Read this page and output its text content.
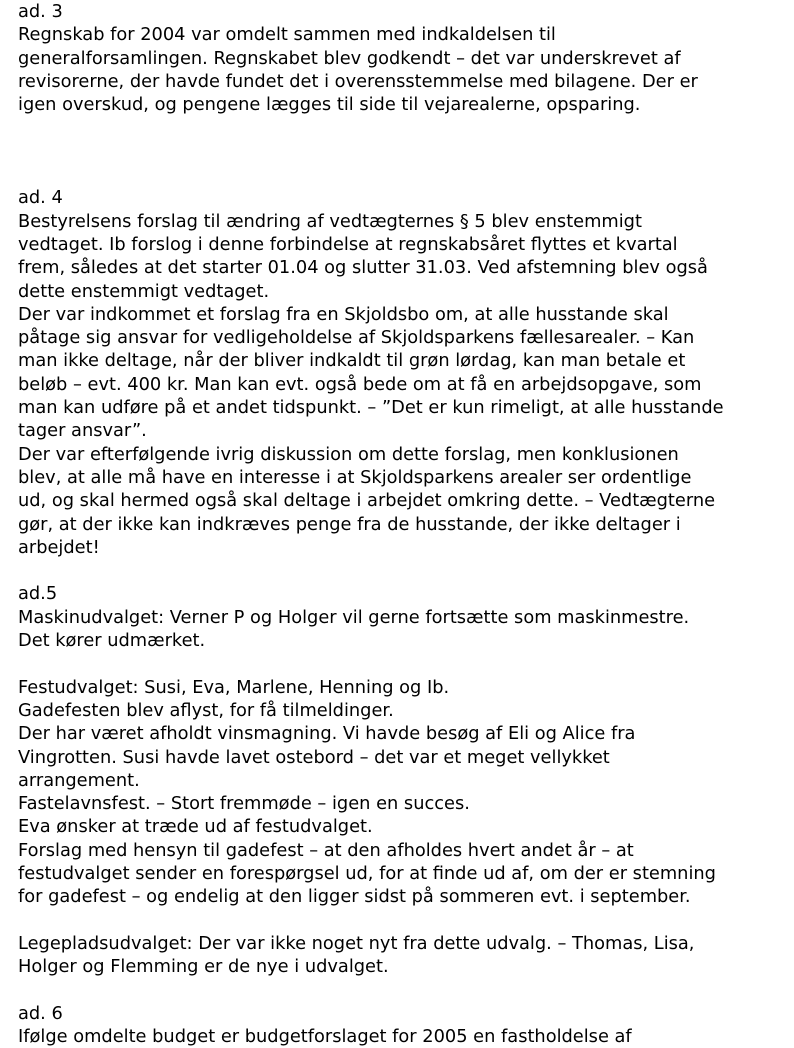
ad. 3
Regnskab for 2004 var omdelt sammen med indkaldelsen til
generalforsamlingen. Regnskabet blev godkendt – det var underskrevet af
revisorerne, der havde fundet det i overensstemmelse med bilagene. Der er
igen overskud, og pengene lægges til side til vejarealerne, opsparing.
ad. 4
Bestyrelsens forslag til ændring af vedtægternes § 5 blev enstemmigt
vedtaget. Ib forslog i denne forbindelse at regnskabsåret flyttes et kvartal
frem, således at det starter 01.04 og slutter 31.03. Ved afstemning blev også
dette enstemmigt vedtaget.
Der var indkommet et forslag fra en Skjoldsbo om, at alle husstande skal
påtage sig ansvar for vedligeholdelse af Skjoldsparkens fællesarealer. – Kan
man ikke deltage, når der bliver indkaldt til grøn lørdag, kan man betale et
beløb – evt. 400 kr. Man kan evt. også bede om at få en arbejdsopgave, som
man kan udføre på et andet tidspunkt. – ”Det er kun rimeligt, at alle husstande
tager ansvar”.
Der var efterfølgende ivrig diskussion om dette forslag, men konklusionen
blev, at alle må have en interesse i at Skjoldsparkens arealer ser ordentlige
ud, og skal hermed også skal deltage i arbejdet omkring dette. – Vedtægterne
gør, at der ikke kan indkræves penge fra de husstande, der ikke deltager i
arbejdet!
ad.5
Maskinudvalget: Verner P og Holger vil gerne fortsætte som maskinmestre.
Det kører udmærket.
Festudvalget: Susi, Eva, Marlene, Henning og Ib.
Gadefesten blev aflyst, for få tilmeldinger.
Der har været afholdt vinsmagning. Vi havde besøg af Eli og Alice fra
Vingrotten. Susi havde lavet ostebord – det var et meget vellykket
arrangement.
Fastelavnsfest. – Stort fremmøde – igen en succes.
Eva ønsker at træde ud af festudvalget.
Forslag med hensyn til gadefest – at den afholdes hvert andet år – at
festudvalget sender en forespørgsel ud, for at finde ud af, om der er stemning
for gadefest – og endelig at den ligger sidst på sommeren evt. i september.
Legepladsudvalget: Der var ikke noget nyt fra dette udvalg. – Thomas, Lisa,
Holger og Flemming er de nye i udvalget.
ad. 6
Ifølge omdelte budget er budgetforslaget for 2005 en fastholdelse af
